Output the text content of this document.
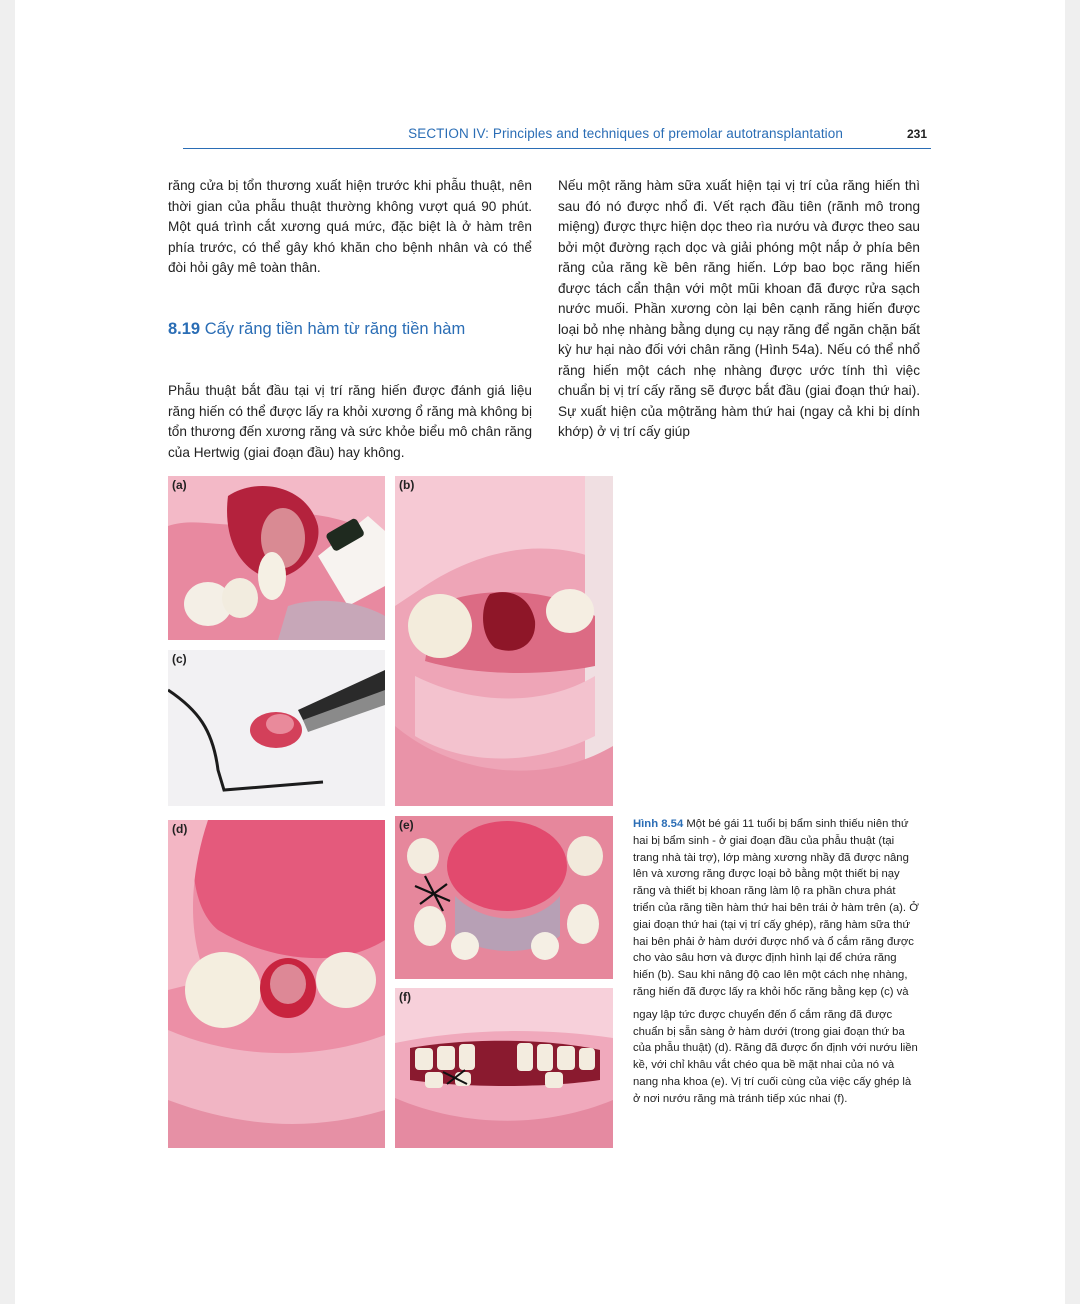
SECTION IV: Principles and techniques of premolar autotransplantation	231

răng cửa bị tổn thương xuất hiện trước khi phẫu thuật, nên thời gian của phẫu thuật thường không vượt quá 90 phút. Một quá trình cắt xương quá mức, đặc biệt là ở hàm trên phía trước, có thể gây khó khăn cho bệnh nhân và có thể đòi hỏi gây mê toàn thân.

8.19 Cấy răng tiền hàm từ răng tiền hàm

Phẫu thuật bắt đầu tại vị trí răng hiến được đánh giá liệu răng hiến có thể được lấy ra khỏi xương ổ răng mà không bị tổn thương đến xương răng và sức khỏe biểu mô chân răng của Hertwig (giai đoạn đầu) hay không.

Nếu một răng hàm sữa xuất hiện tại vị trí của răng hiến thì sau đó nó được nhổ đi. Vết rạch đầu tiên (rãnh mô trong miệng) được thực hiện dọc theo rìa nướu và được theo sau bởi một đường rạch dọc và giải phóng một nắp ở phía bên răng của răng kề bên răng hiến. Lớp bao bọc răng hiến được tách cẩn thận với một mũi khoan đã được rửa sạch nước muối. Phần xương còn lại bên cạnh răng hiến được loại bỏ nhẹ nhàng bằng dụng cụ nạy răng để ngăn chặn bất kỳ hư hại nào đối với chân răng (Hình 54a). Nếu có thể nhổ răng hiến một cách nhẹ nhàng được ước tính thì việc chuẩn bị vị trí cấy răng sẽ được bắt đầu (giai đoạn thứ hai). Sự xuất hiện của mộtrăng hàm thứ hai (ngay cả khi bị dính khớp) ở vị trí cấy giúp

(a)	(b)
(c)
(d)	(e)
(f)

Hình 8.54 Một bé gái 11 tuổi bị bẩm sinh thiếu niên thứ hai bị bẩm sinh - ở giai đoạn đầu của phẫu thuật (tại trang nhà tài trợ), lớp màng xương nhầy đã được nâng lên và xương răng được loại bỏ bằng một thiết bị nạy răng và thiết bị khoan răng làm lộ ra phần chưa phát triển của răng tiền hàm thứ hai bên trái ở hàm trên (a). Ở giai đoạn thứ hai (tại vị trí cấy ghép), răng hàm sữa thứ hai bên phải ở hàm dưới được nhổ và ổ cắm răng được cho vào sâu hơn và được định hình lại để chứa răng hiến (b). Sau khi nâng độ cao lên một cách nhẹ nhàng, răng hiến đã được lấy ra khỏi hốc răng bằng kẹp (c) và

ngay lập tức được chuyển đến ổ cắm răng đã được chuẩn bị sẵn sàng ở hàm dưới (trong giai đoạn thứ ba của phẫu thuật) (d). Răng đã được ổn định với nướu liền kề, với chỉ khâu vắt chéo qua bề mặt nhai của nó và

nang nha khoa (e). Vị trí cuối cùng của việc cấy ghép là ở nơi nướu răng mà tránh tiếp xúc nhai (f).
